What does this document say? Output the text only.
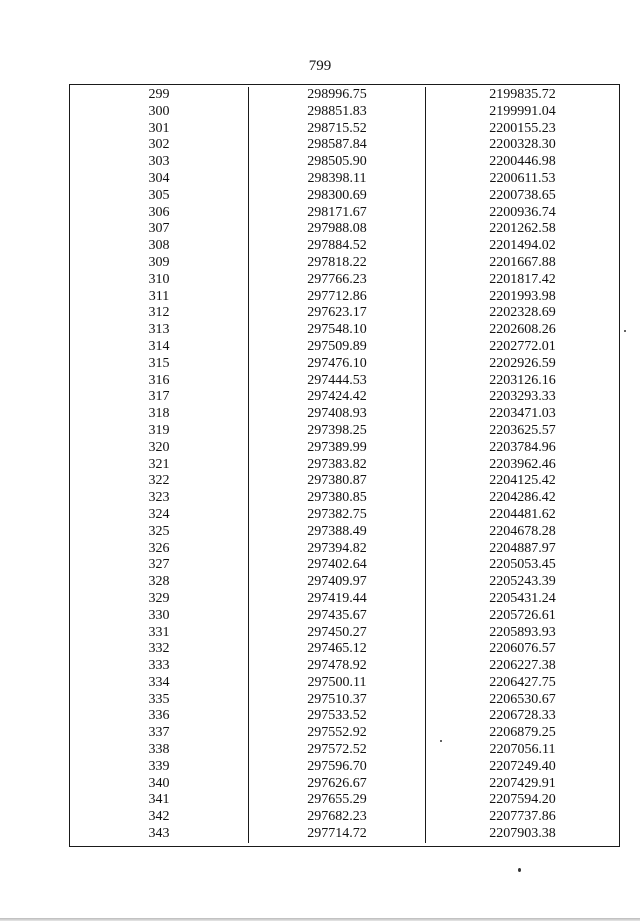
799
299	298996.75	2199835.72
300	298851.83	2199991.04
301	298715.52	2200155.23
302	298587.84	2200328.30
303	298505.90	2200446.98
304	298398.11	2200611.53
305	298300.69	2200738.65
306	298171.67	2200936.74
307	297988.08	2201262.58
308	297884.52	2201494.02
309	297818.22	2201667.88
310	297766.23	2201817.42
311	297712.86	2201993.98
312	297623.17	2202328.69
313	297548.10	2202608.26
314	297509.89	2202772.01
315	297476.10	2202926.59
316	297444.53	2203126.16
317	297424.42	2203293.33
318	297408.93	2203471.03
319	297398.25	2203625.57
320	297389.99	2203784.96
321	297383.82	2203962.46
322	297380.87	2204125.42
323	297380.85	2204286.42
324	297382.75	2204481.62
325	297388.49	2204678.28
326	297394.82	2204887.97
327	297402.64	2205053.45
328	297409.97	2205243.39
329	297419.44	2205431.24
330	297435.67	2205726.61
331	297450.27	2205893.93
332	297465.12	2206076.57
333	297478.92	2206227.38
334	297500.11	2206427.75
335	297510.37	2206530.67
336	297533.52	2206728.33
337	297552.92	2206879.25
338	297572.52	2207056.11
339	297596.70	2207249.40
340	297626.67	2207429.91
341	297655.29	2207594.20
342	297682.23	2207737.86
343	297714.72	2207903.38
